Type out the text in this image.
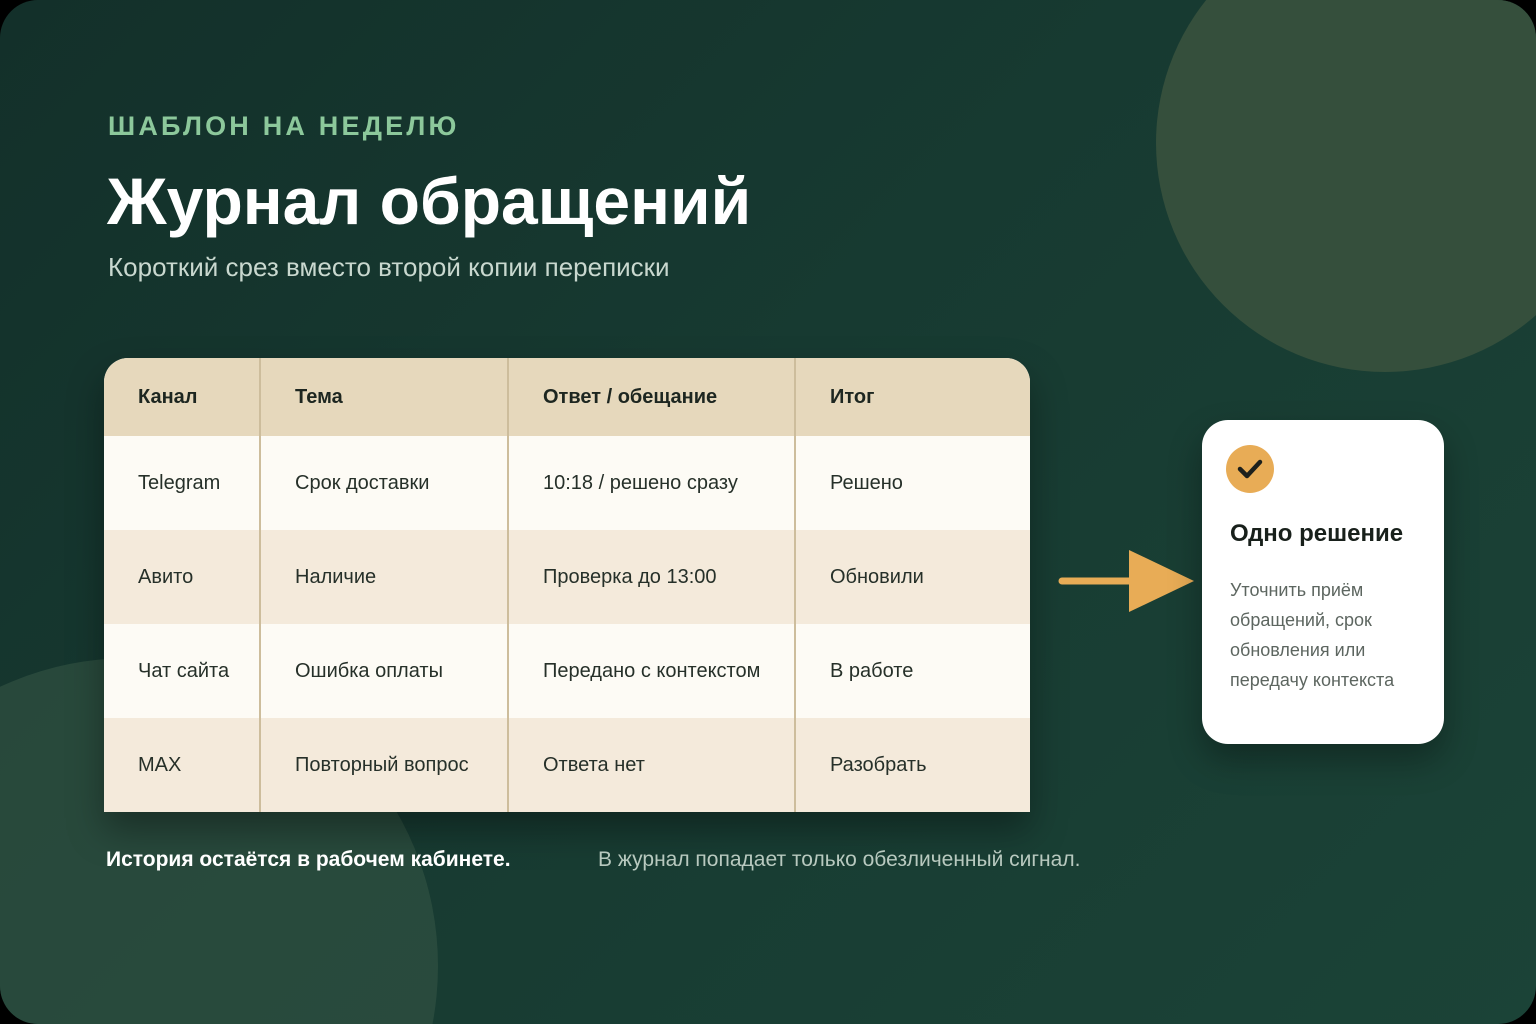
ШАБЛОН НА НЕДЕЛЮ

Журнал обращений

Короткий срез вместо второй копии переписки

Канал	Тема	Ответ / обещание	Итог
Telegram	Срок доставки	10:18 / решено сразу	Решено
Авито	Наличие	Проверка до 13:00	Обновили
Чат сайта	Ошибка оплаты	Передано с контекстом	В работе
MAX	Повторный вопрос	Ответа нет	Разобрать
Одно решение

Уточнить приём обращений, срок обновления или передачу контекста

История остаётся в рабочем кабинете.	В журнал попадает только обезличенный сигнал.
